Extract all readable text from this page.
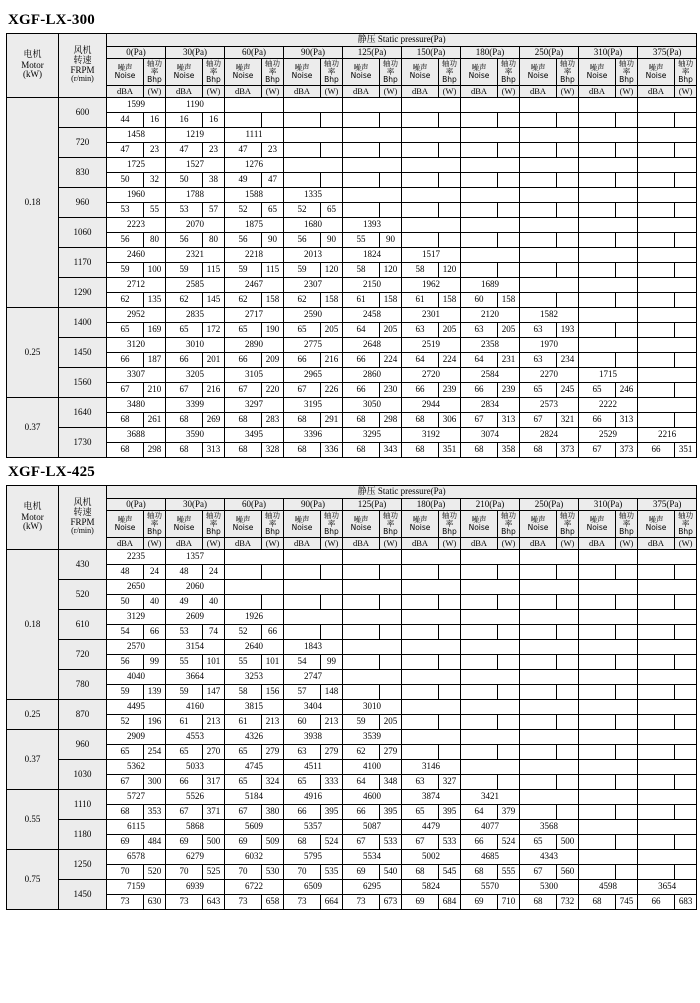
XGF-LX-300
电机
Motor
(kW)

风机
转速
FRPM
(r/min)
	静压 Static pressure(Pa)
		0(Pa)		30(Pa)		60(Pa)		90(Pa)		125(Pa)		150(Pa)		180(Pa)		250(Pa)		310(Pa)		375(Pa)	

噪声
Noise

轴功
率
Bhp

噪声
Noise

轴功
率
Bhp

噪声
Noise

轴功
率
Bhp

噪声
Noise

轴功
率
Bhp

噪声
Noise

轴功
率
Bhp

噪声
Noise

轴功
率
Bhp

噪声
Noise

轴功
率
Bhp

噪声
Noise

轴功
率
Bhp

噪声
Noise

轴功
率
Bhp

噪声
Noise

轴功
率
Bhp

		dBA	(W)	dBA	(W)	dBA	(W)	dBA	(W)	dBA	(W)	dBA	(W)	dBA	(W)	dBA	(W)	dBA	(W)	dBA	(W)
0.18	600	1599		1190																	
		44	16	16	16																
	720	1458		1219		1111															
		47	23	47	23	47	23														
	830	1725		1527		1276															
		50	32	50	38	49	47														
	960	1960		1788		1588		1335													
		53	55	53	57	52	65	52	65												
	1060	2223		2070		1875		1680		1393											
		56	80	56	80	56	90	56	90	55	90										
	1170	2460		2321		2218		2013		1824		1517									
		59	100	59	115	59	115	59	120	58	120	58	120								
	1290	2712		2585		2467		2307		2150		1962		1689							
		62	135	62	145	62	158	62	158	61	158	61	158	60	158						
0.25	1400	2952		2835		2717		2590		2458		2301		2120		1582					
		65	169	65	172	65	190	65	205	64	205	63	205	63	205	63	193				
	1450	3120		3010		2890		2775		2648		2519		2358		1970					
		66	187	66	201	66	209	66	216	66	224	64	224	64	231	63	234				
	1560	3307		3205		3105		2965		2860		2720		2584		2270		1715			
		67	210	67	216	67	220	67	226	66	230	66	239	66	239	65	245	65	246		
0.37	1640	3480		3399		3297		3195		3050		2944		2834		2573		2222			
		68	261	68	269	68	283	68	291	68	298	68	306	67	313	67	321	66	313		
	1730	3688		3590		3495		3396		3295		3192		3074		2824		2529		2216	
		68	298	68	313	68	328	68	336	68	343	68	351	68	358	68	373	67	373	66	351
XGF-LX-425
电机
Motor
(kW)

风机
转速
FRPM
(r/min)
	静压 Static pressure(Pa)
		0(Pa)		30(Pa)		60(Pa)		90(Pa)		125(Pa)		180(Pa)		210(Pa)		250(Pa)		310(Pa)		375(Pa)	

噪声
Noise

轴功
率
Bhp

噪声
Noise

轴功
率
Bhp

噪声
Noise

轴功
率
Bhp

噪声
Noise

轴功
率
Bhp

噪声
Noise

轴功
率
Bhp

噪声
Noise

轴功
率
Bhp

噪声
Noise

轴功
率
Bhp

噪声
Noise

轴功
率
Bhp

噪声
Noise

轴功
率
Bhp

噪声
Noise

轴功
率
Bhp

		dBA	(W)	dBA	(W)	dBA	(W)	dBA	(W)	dBA	(W)	dBA	(W)	dBA	(W)	dBA	(W)	dBA	(W)	dBA	(W)
0.18	430	2235		1357																	
		48	24	48	24																
	520	2650		2060																	
		50	40	49	40																
	610	3129		2609		1926															
		54	66	53	74	52	66														
	720	2570		3154		2640		1843													
		56	99	55	101	55	101	54	99												
	780	4040		3664		3253		2747													
		59	139	59	147	58	156	57	148												
0.25	870	4495		4160		3815		3404		3010											
		52	196	61	213	61	213	60	213	59	205										
0.37	960	2909		4553		4326		3938		3539											
		65	254	65	270	65	279	63	279	62	279										
	1030	5362		5033		4745		4511		4100		3146									
		67	300	66	317	65	324	65	333	64	348	63	327								
0.55	1110	5727		5526		5184		4916		4600		3874		3421							
		68	353	67	371	67	380	66	395	66	395	65	395	64	379						
	1180	6115		5868		5609		5357		5087		4479		4077		3568					
		69	484	69	500	69	509	68	524	67	533	67	533	66	524	65	500				
0.75	1250	6578		6279		6032		5795		5534		5002		4685		4343					
		70	520	70	525	70	530	70	535	69	540	68	545	68	555	67	560				
	1450	7159		6939		6722		6509		6295		5824		5570		5300		4598		3654	
		73	630	73	643	73	658	73	664	73	673	69	684	69	710	68	732	68	745	66	683
